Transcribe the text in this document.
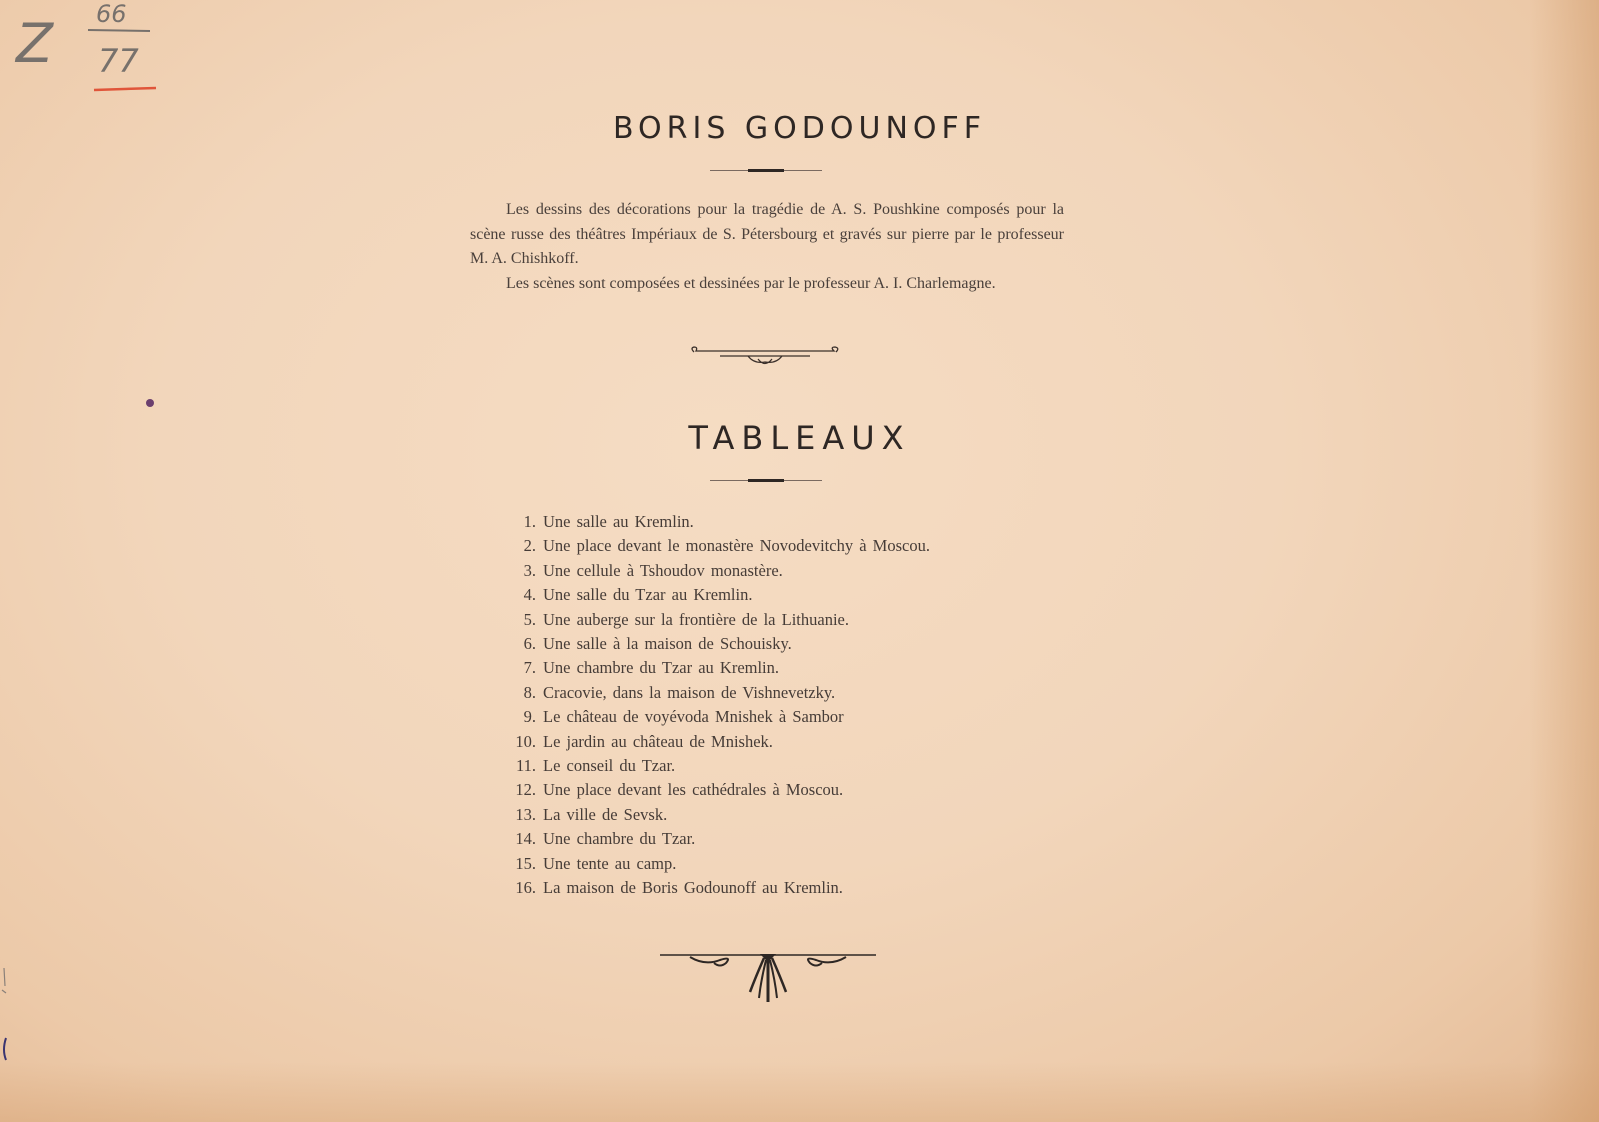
Z 66
77
BORIS GODOUNOFF

Les dessins des décorations pour la tragédie de A. S. Poushkine composés pour la scène russe des théâtres Impériaux de S. Pétersbourg et gravés sur pierre par le professeur M. A. Chishkoff.

Les scènes sont composées et dessinées par le professeur A. I. Charlemagne.

TABLEAUX
1. Une salle au Kremlin.
2. Une place devant le monastère Novodevitchy à Moscou.
3. Une cellule à Tshoudov monastère.
4. Une salle du Tzar au Kremlin.
5. Une auberge sur la frontière de la Lithuanie.
6. Une salle à la maison de Schouisky.
7. Une chambre du Tzar au Kremlin.
8. Cracovie, dans la maison de Vishnevetzky.
9. Le château de voyévoda Mnishek à Sambor
10. Le jardin au château de Mnishek.
11. Le conseil du Tzar.
12. Une place devant les cathédrales à Moscou.
13. La ville de Sevsk.
14. Une chambre du Tzar.
15. Une tente au camp.
16. La maison de Boris Godounoff au Kremlin.
